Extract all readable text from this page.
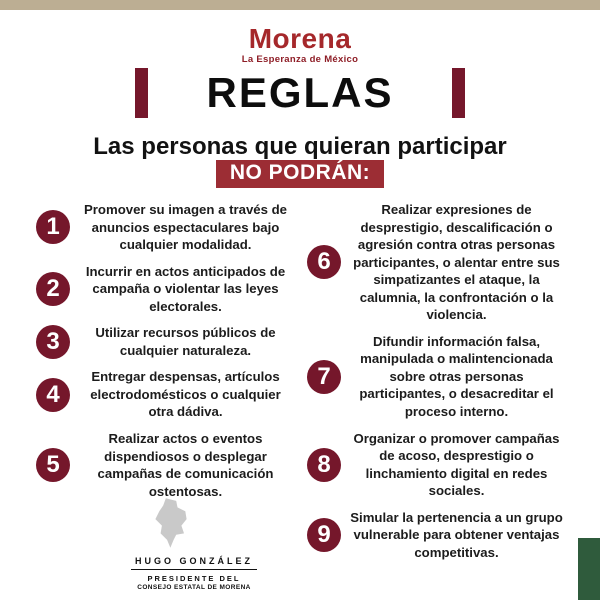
Morena
La Esperanza de México
REGLAS
Las personas que quieran participar
NO PODRÁN:
1

Promover su imagen a través de anuncios espectaculares bajo cualquier modalidad.

2

Incurrir en actos anticipados de campaña o violentar las leyes electorales.

3	Utilizar recursos públicos de cualquier naturaleza.

4

Entregar despensas, artículos electrodomésticos o cualquier otra dádiva.

5

Realizar actos o eventos dispendiosos o desplegar campañas de comunicación ostentosas.

6

Realizar expresiones de desprestigio, descalificación o agresión contra otras personas participantes, o alentar entre sus simpatizantes el ataque, la calumnia, la confrontación o la violencia.

7

Difundir información falsa, manipulada o malintencionada sobre otras personas participantes, o desacreditar el proceso interno.

8

Organizar o promover campañas de acoso, desprestigio o linchamiento digital en redes sociales.

9

Simular la pertenencia a un grupo vulnerable para obtener ventajas competitivas.

HUGO GONZÁLEZ
PRESIDENTE DEL
CONSEJO ESTATAL DE MORENA
